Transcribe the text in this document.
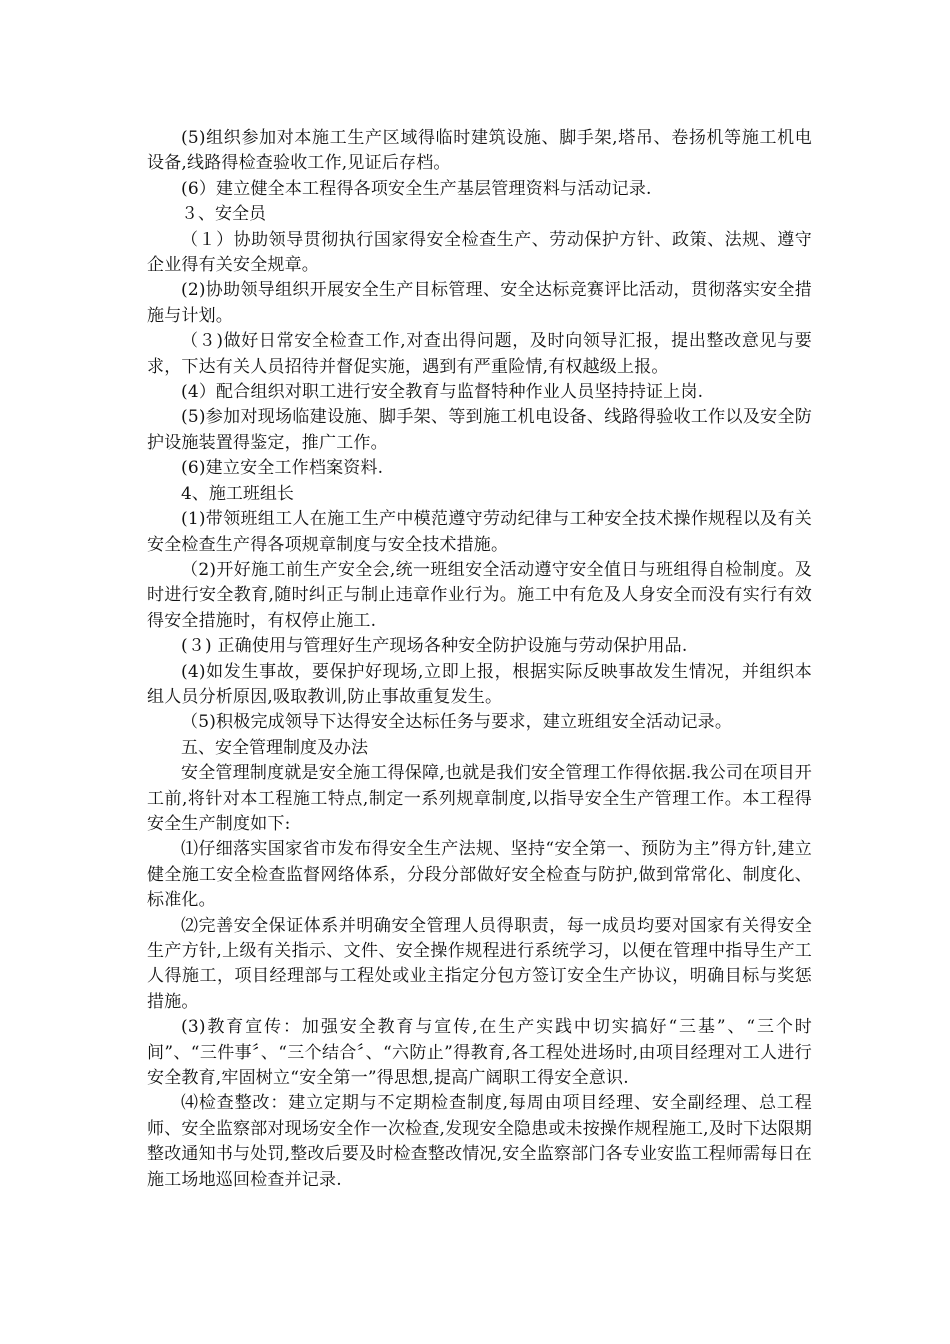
(5)组织参加对本施工生产区域得临时建筑设施、脚手架,塔吊、卷扬机等施工机电设备,线路得检查验收工作,见证后存档。

(6）建立健全本工程得各项安全生产基层管理资料与活动记录.

３、安全员

（１）协助领导贯彻执行国家得安全检查生产、劳动保护方针、政策、法规、遵守企业得有关安全规章。

(2)协助领导组织开展安全生产目标管理、安全达标竞赛评比活动，贯彻落实安全措施与计划。

（３)做好日常安全检查工作,对查出得问题，及时向领导汇报，提出整改意见与要求，下达有关人员招待并督促实施，遇到有严重险情,有权越级上报。

(4）配合组织对职工进行安全教育与监督特种作业人员坚持持证上岗.

(5)参加对现场临建设施、脚手架、等到施工机电设备、线路得验收工作以及安全防护设施装置得鉴定，推广工作。

(6)建立安全工作档案资料.

4、施工班组长

(1)带领班组工人在施工生产中模范遵守劳动纪律与工种安全技术操作规程以及有关安全检查生产得各项规章制度与安全技术措施。

（2)开好施工前生产安全会,统一班组安全活动遵守安全值日与班组得自检制度。及时进行安全教育,随时纠正与制止违章作业行为。施工中有危及人身安全而没有实行有效得安全措施时，有权停止施工.

(３) 正确使用与管理好生产现场各种安全防护设施与劳动保护用品.

(4)如发生事故，要保护好现场,立即上报，根据实际反映事故发生情况，并组织本组人员分析原因,吸取教训,防止事故重复发生。

（5)积极完成领导下达得安全达标任务与要求，建立班组安全活动记录。

五、安全管理制度及办法

安全管理制度就是安全施工得保障,也就是我们安全管理工作得依据.我公司在项目开工前,将针对本工程施工特点,制定一系列规章制度,以指导安全生产管理工作。本工程得安全生产制度如下:

⑴仔细落实国家省市发布得安全生产法规、坚持“安全第一、预防为主”得方针,建立健全施工安全检查监督网络体系，分段分部做好安全检查与防护,做到常常化、制度化、标准化。

⑵完善安全保证体系并明确安全管理人员得职责，每一成员均要对国家有关得安全生产方针,上级有关指示、文件、安全操作规程进行系统学习，以便在管理中指导生产工人得施工，项目经理部与工程处或业主指定分包方签订安全生产协议，明确目标与奖惩措施。

(3)教育宣传：加强安全教育与宣传,在生产实践中切实搞好“三基”、“三个时间”、“三件事〞、“三个结合〞、“六防止”得教育,各工程处进场时,由项目经理对工人进行安全教育,牢固树立“安全第一”得思想,提高广阔职工得安全意识.

⑷检查整改：建立定期与不定期检查制度,每周由项目经理、安全副经理、总工程师、安全监察部对现场安全作一次检查,发现安全隐患或未按操作规程施工,及时下达限期整改通知书与处罚,整改后要及时检查整改情况,安全监察部门各专业安监工程师需每日在施工场地巡回检查并记录.
